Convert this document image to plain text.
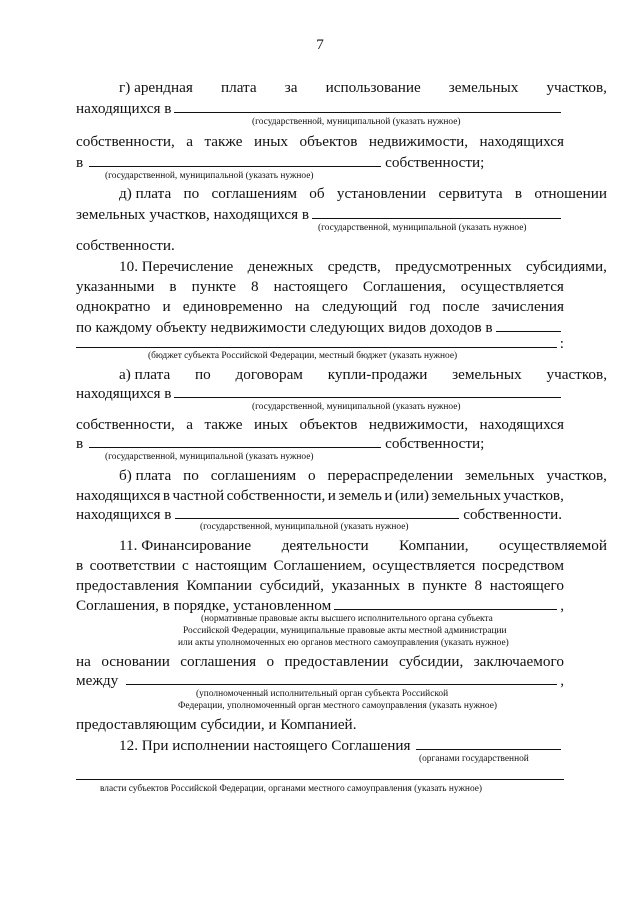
7
г) арендная плата за использование земельных участков,
находящихся в
(государственной, муниципальной (указать нужное)
собственности, а также иных объектов недвижимости, находящихся
в	собственности;
(государственной, муниципальной (указать нужное)
д) плата по соглашениям об установлении сервитута в отношении
земельных участков, находящихся в
(государственной, муниципальной (указать нужное)
собственности.
10. Перечисление денежных средств, предусмотренных субсидиями,
указанными в пункте 8 настоящего Соглашения, осуществляется
однократно и единовременно на следующий год после зачисления
по каждому объекту недвижимости следующих видов доходов в
:
(бюджет субъекта Российской Федерации, местный бюджет (указать нужное)
а) плата по договорам купли-продажи земельных участков,
находящихся в
(государственной, муниципальной (указать нужное)
собственности, а также иных объектов недвижимости, находящихся
в	собственности;
(государственной, муниципальной (указать нужное)
б) плата по соглашениям о перераспределении земельных участков,
находящихся в частной собственности, и земель и (или) земельных участков,
находящихся в	собственности.
(государственной, муниципальной (указать нужное)
11. Финансирование деятельности Компании, осуществляемой
в соответствии с настоящим Соглашением, осуществляется посредством
предоставления Компании субсидий, указанных в пункте 8 настоящего
Соглашения, в порядке, установленном	,
(нормативные правовые акты высшего исполнительного органа субъекта
Российской Федерации, муниципальные правовые акты местной администрации
или акты уполномоченных ею органов местного самоуправления (указать нужное)
на основании соглашения о предоставлении субсидии, заключаемого
между	,
(уполномоченный исполнительный орган субъекта Российской
Федерации, уполномоченный орган местного самоуправления (указать нужное)
предоставляющим субсидии, и Компанией.
12. При исполнении настоящего Соглашения
(органами государственной
власти субъектов Российской Федерации, органами местного самоуправления (указать нужное)
